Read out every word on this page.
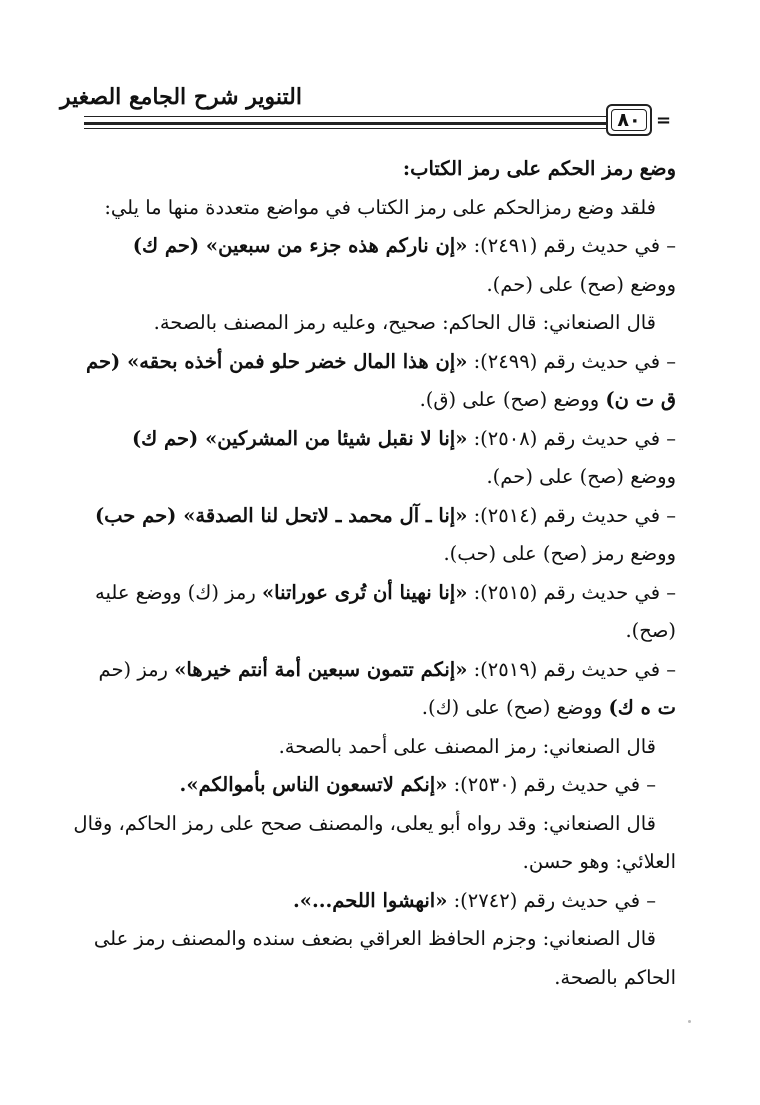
التنوير شرح الجامع الصغير
٨٠ =
وضع رمز الحكم على رمز الكتاب:
فلقد وضع رمزالحكم على رمز الكتاب في مواضع متعددة منها ما يلي:
– في حديث رقم (٢٤٩١): «إن ناركم هذه جزء من سبعين» (حم ك)
ووضع (صح) على (حم).
قال الصنعاني: قال الحاكم: صحيح، وعليه رمز المصنف بالصحة.
– في حديث رقم (٢٤٩٩): «إن هذا المال خضر حلو فمن أخذه بحقه» (حم
ق ت ن) ووضع (صح) على (ق).
– في حديث رقم (٢٥٠٨): «إنا لا نقبل شيئا من المشركين» (حم ك)
ووضع (صح) على (حم).
– في حديث رقم (٢٥١٤): «إنا ـ آل محمد ـ لاتحل لنا الصدقة» (حم حب)
ووضع رمز (صح) على (حب).
– في حديث رقم (٢٥١٥): «إنا نهينا أن تُرى عوراتنا» رمز (ك) ووضع عليه
(صح).
– في حديث رقم (٢٥١٩): «إنكم تتمون سبعين أمة أنتم خيرها» رمز (حم
ت ه ك) ووضع (صح) على (ك).
قال الصنعاني: رمز المصنف على أحمد بالصحة.
– في حديث رقم (٢٥٣٠): «إنكم لاتسعون الناس بأموالكم».
قال الصنعاني: وقد رواه أبو يعلى، والمصنف صحح على رمز الحاكم، وقال
العلائي: وهو حسن.
– في حديث رقم (٢٧٤٢): «انهشوا اللحم...».
قال الصنعاني: وجزم الحافظ العراقي بضعف سنده والمصنف رمز على
الحاكم بالصحة.
